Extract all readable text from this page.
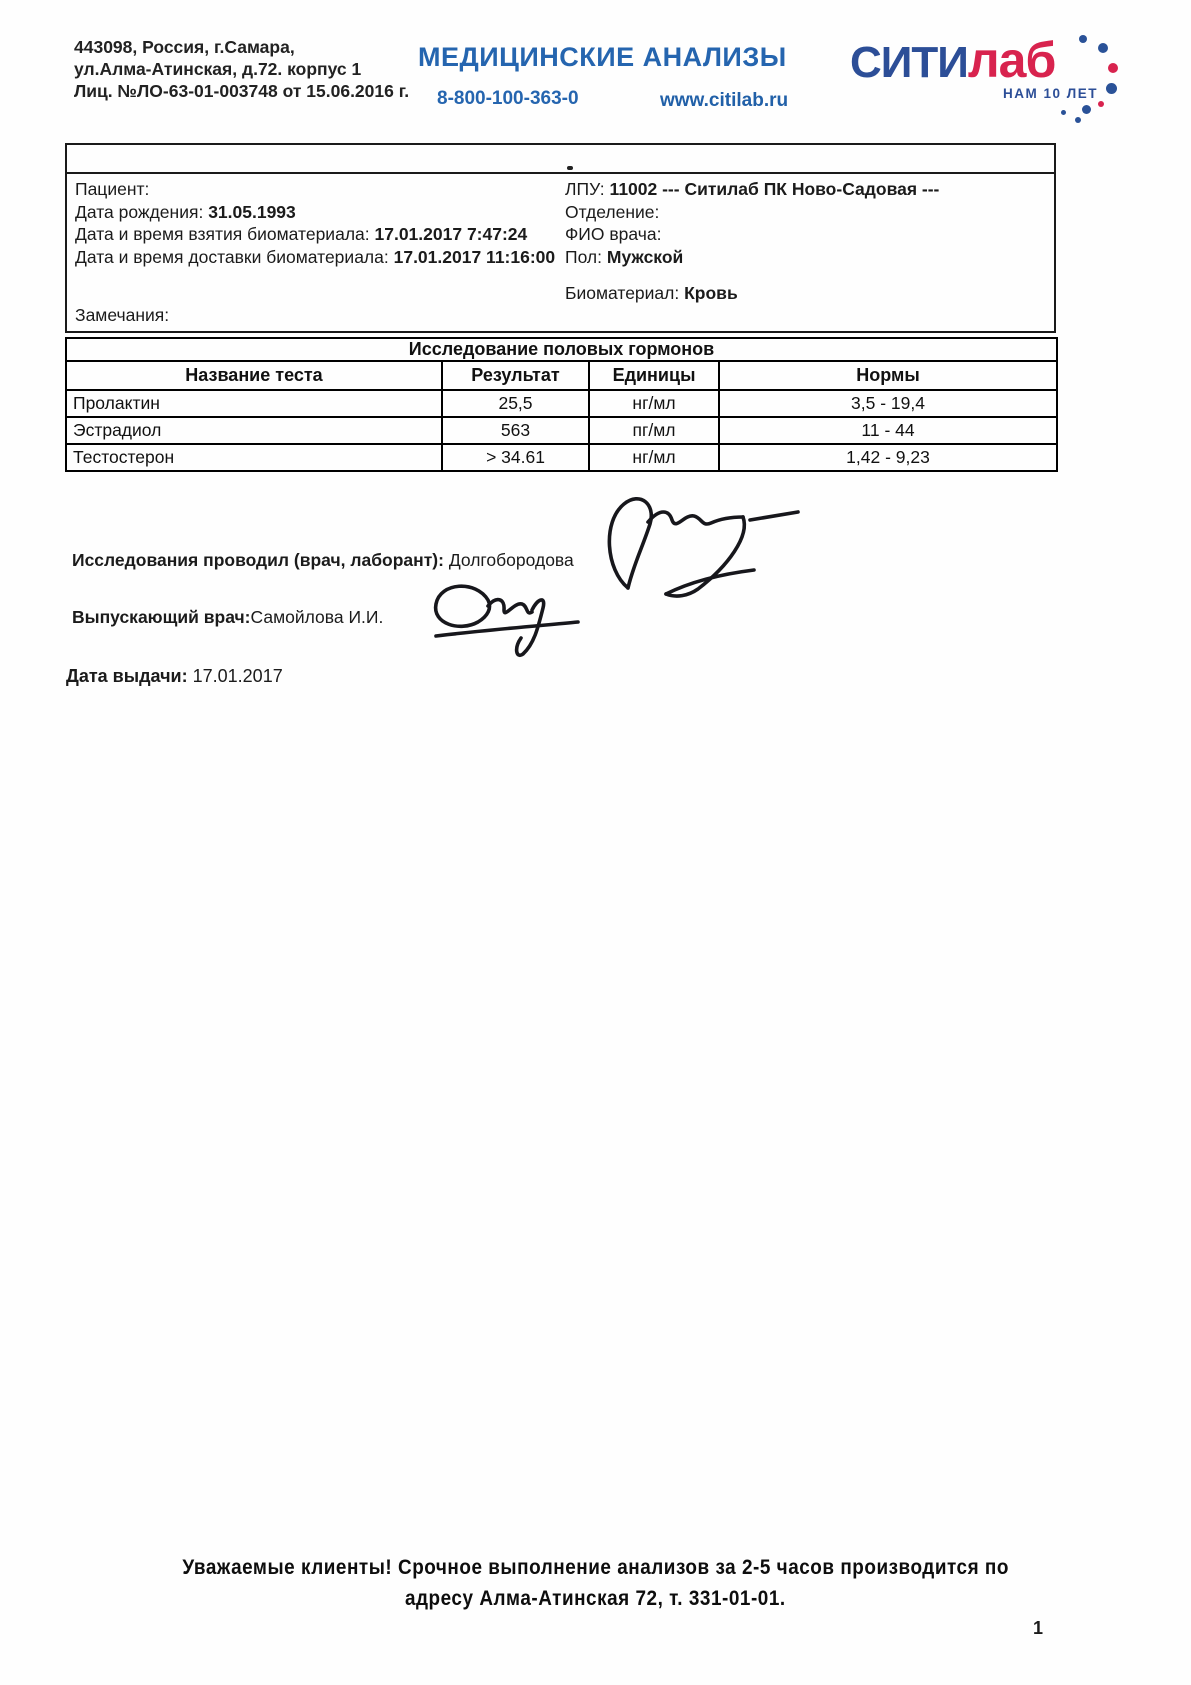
443098, Россия, г.Самара,
ул.Алма-Атинская, д.72. корпус 1
Лиц. №ЛО-63-01-003748 от 15.06.2016 г.
МЕДИЦИНСКИЕ АНАЛИЗЫ
8-800-100-363-0	www.citilab.ru
СИТИлаб
НАМ 10 ЛЕТ
Пациент:
Дата рождения: 31.05.1993
Дата и время взятия биоматериала: 17.01.2017 7:47:24
Дата и время доставки биоматериала: 17.01.2017 11:16:00
ЛПУ: 11002 --- Ситилаб ПК Ново-Садовая ---
Отделение:
ФИО врача:
Пол: Мужской
Биоматериал: Кровь
Замечания:
Исследование половых гормонов			
Название теста	Результат	Единицы	Нормы
Пролактин	25,5	нг/мл	3,5 - 19,4
Эстрадиол	563	пг/мл	11 - 44
Тестостерон	> 34.61	нг/мл	1,42 - 9,23
Исследования проводил (врач, лаборант): Долгобородова
Выпускающий врач:Самойлова И.И.
Дата выдачи: 17.01.2017
Уважаемые клиенты! Срочное выполнение анализов за 2-5 часов производится по
адресу Алма-Атинская 72, т. 331-01-01.
1
